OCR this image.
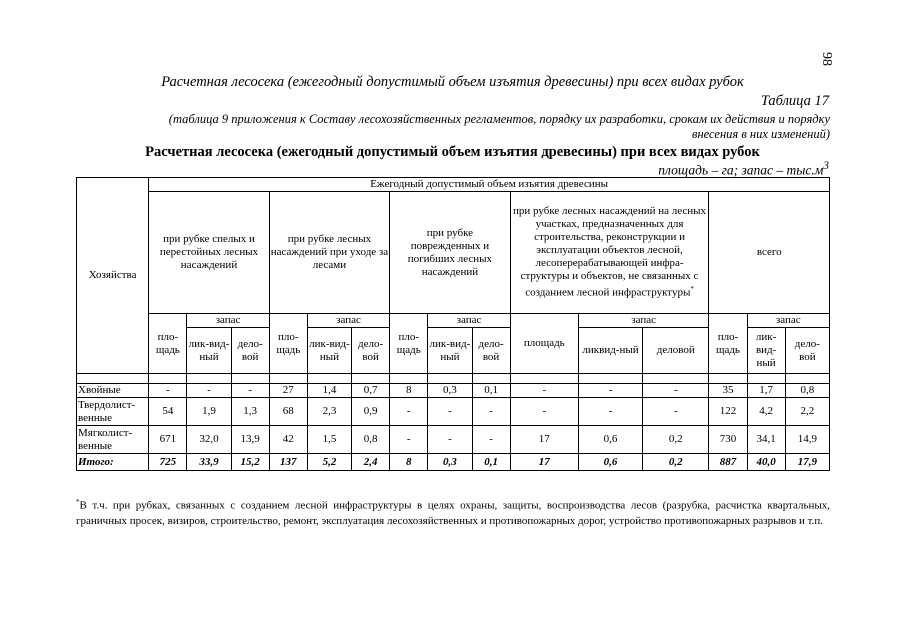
98
Расчетная лесосека (ежегодный допустимый объем изъятия древесины) при всех видах рубок
Таблица 17
(таблица 9 приложения к Составу лесохозяйственных регламентов, порядку их разработки, срокам их действия и порядку
внесения в них изменений)
Расчетная лесосека (ежегодный допустимый объем изъятия древесины) при всех видах рубок
площадь – га; запас – $тыс.м^3$
Хозяйства	Ежегодный допустимый объем изъятия древесины														
	при рубке спелых и перестойных лесных насаждений			при рубке лесных насаждений при уходе за лесами			при рубке поврежденных и погибших лесных насаждений			при рубке лесных насаждений на лесных участках, предназначенных для строительства, реконструкции и эксплуатации объектов лесной, лесоперерабатывающей инфра-структуры и объектов, не связанных с созданием лесной инфраструктуры*			всего		
	пло-щадь	запас		пло-щадь	запас		пло-щадь	запас		площадь	запас		пло-щадь	запас	
		лик-вид-ный	дело-вой		лик-вид-ный	дело-вой		лик-вид-ный	дело-вой		ликвид-ный	деловой		лик-вид-ный	дело-вой

Хвойные	-	-	-	27	1,4	0,7	8	0,3	0,1	-	-	-	35	1,7	0,8
Твердолист-венные	54	1,9	1,3	68	2,3	0,9	-	-	-	-	-	-	122	4,2	2,2
Мягколист-венные	671	32,0	13,9	42	1,5	0,8	-	-	-	17	0,6	0,2	730	34,1	14,9
Итого:	725	33,9	15,2	137	5,2	2,4	8	0,3	0,1	17	0,6	0,2	887	40,0	17,9
*В т.ч. при рубках, связанных с созданием лесной инфраструктуры в целях охраны, защиты, воспроизводства лесов (разрубка, расчистка квартальных, граничных просек, визиров, строительство, ремонт, эксплуатация лесохозяйственных и противопожарных дорог, устройство противопожарных разрывов и т.п.
